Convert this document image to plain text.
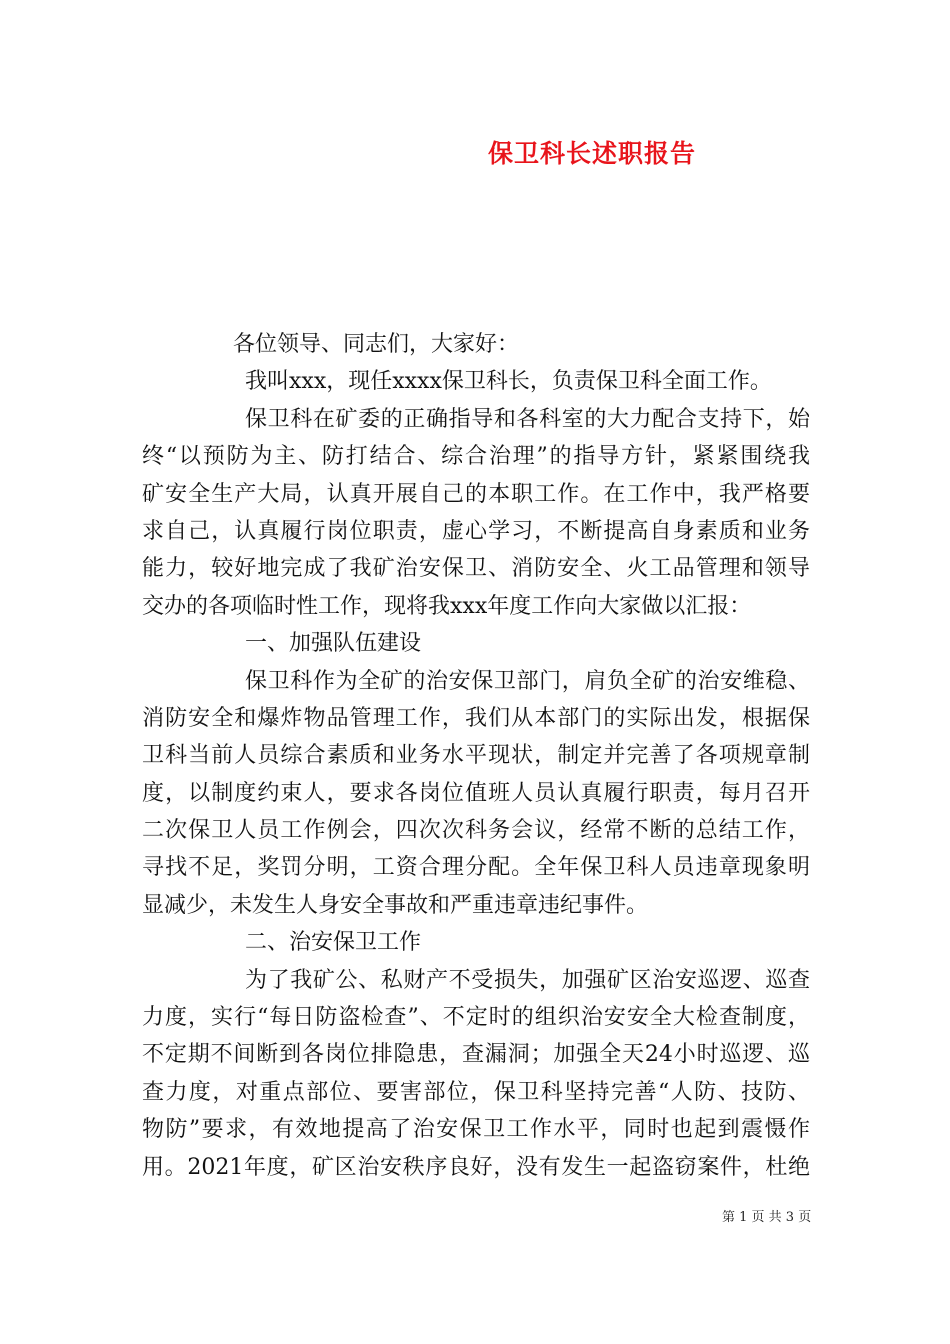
保卫科长述职报告
各位领导、同志们，大家好：
我叫xxx，现任xxxx保卫科长，负责保卫科全面工作。
保卫科在矿委的正确指导和各科室的大力配合支持下，始
终“以预防为主、防打结合、综合治理”的指导方针，紧紧围绕我
矿安全生产大局，认真开展自己的本职工作。在工作中，我严格要
求自己，认真履行岗位职责，虚心学习，不断提高自身素质和业务
能力，较好地完成了我矿治安保卫、消防安全、火工品管理和领导
交办的各项临时性工作，现将我xxx年度工作向大家做以汇报：
一、加强队伍建设
保卫科作为全矿的治安保卫部门，肩负全矿的治安维稳、
消防安全和爆炸物品管理工作，我们从本部门的实际出发，根据保
卫科当前人员综合素质和业务水平现状，制定并完善了各项规章制
度，以制度约束人，要求各岗位值班人员认真履行职责，每月召开
二次保卫人员工作例会，四次次科务会议，经常不断的总结工作，
寻找不足，奖罚分明，工资合理分配。全年保卫科人员违章现象明
显减少，未发生人身安全事故和严重违章违纪事件。
二、治安保卫工作
为了我矿公、私财产不受损失，加强矿区治安巡逻、巡查
力度，实行“每日防盗检查”、不定时的组织治安安全大检查制度，
不定期不间断到各岗位排隐患，查漏洞；加强全天24小时巡逻、巡
查力度，对重点部位、要害部位，保卫科坚持完善“人防、技防、
物防”要求，有效地提高了治安保卫工作水平，同时也起到震慑作
用。2021年度，矿区治安秩序良好，没有发生一起盗窃案件，杜绝
第 1 页 共 3 页
